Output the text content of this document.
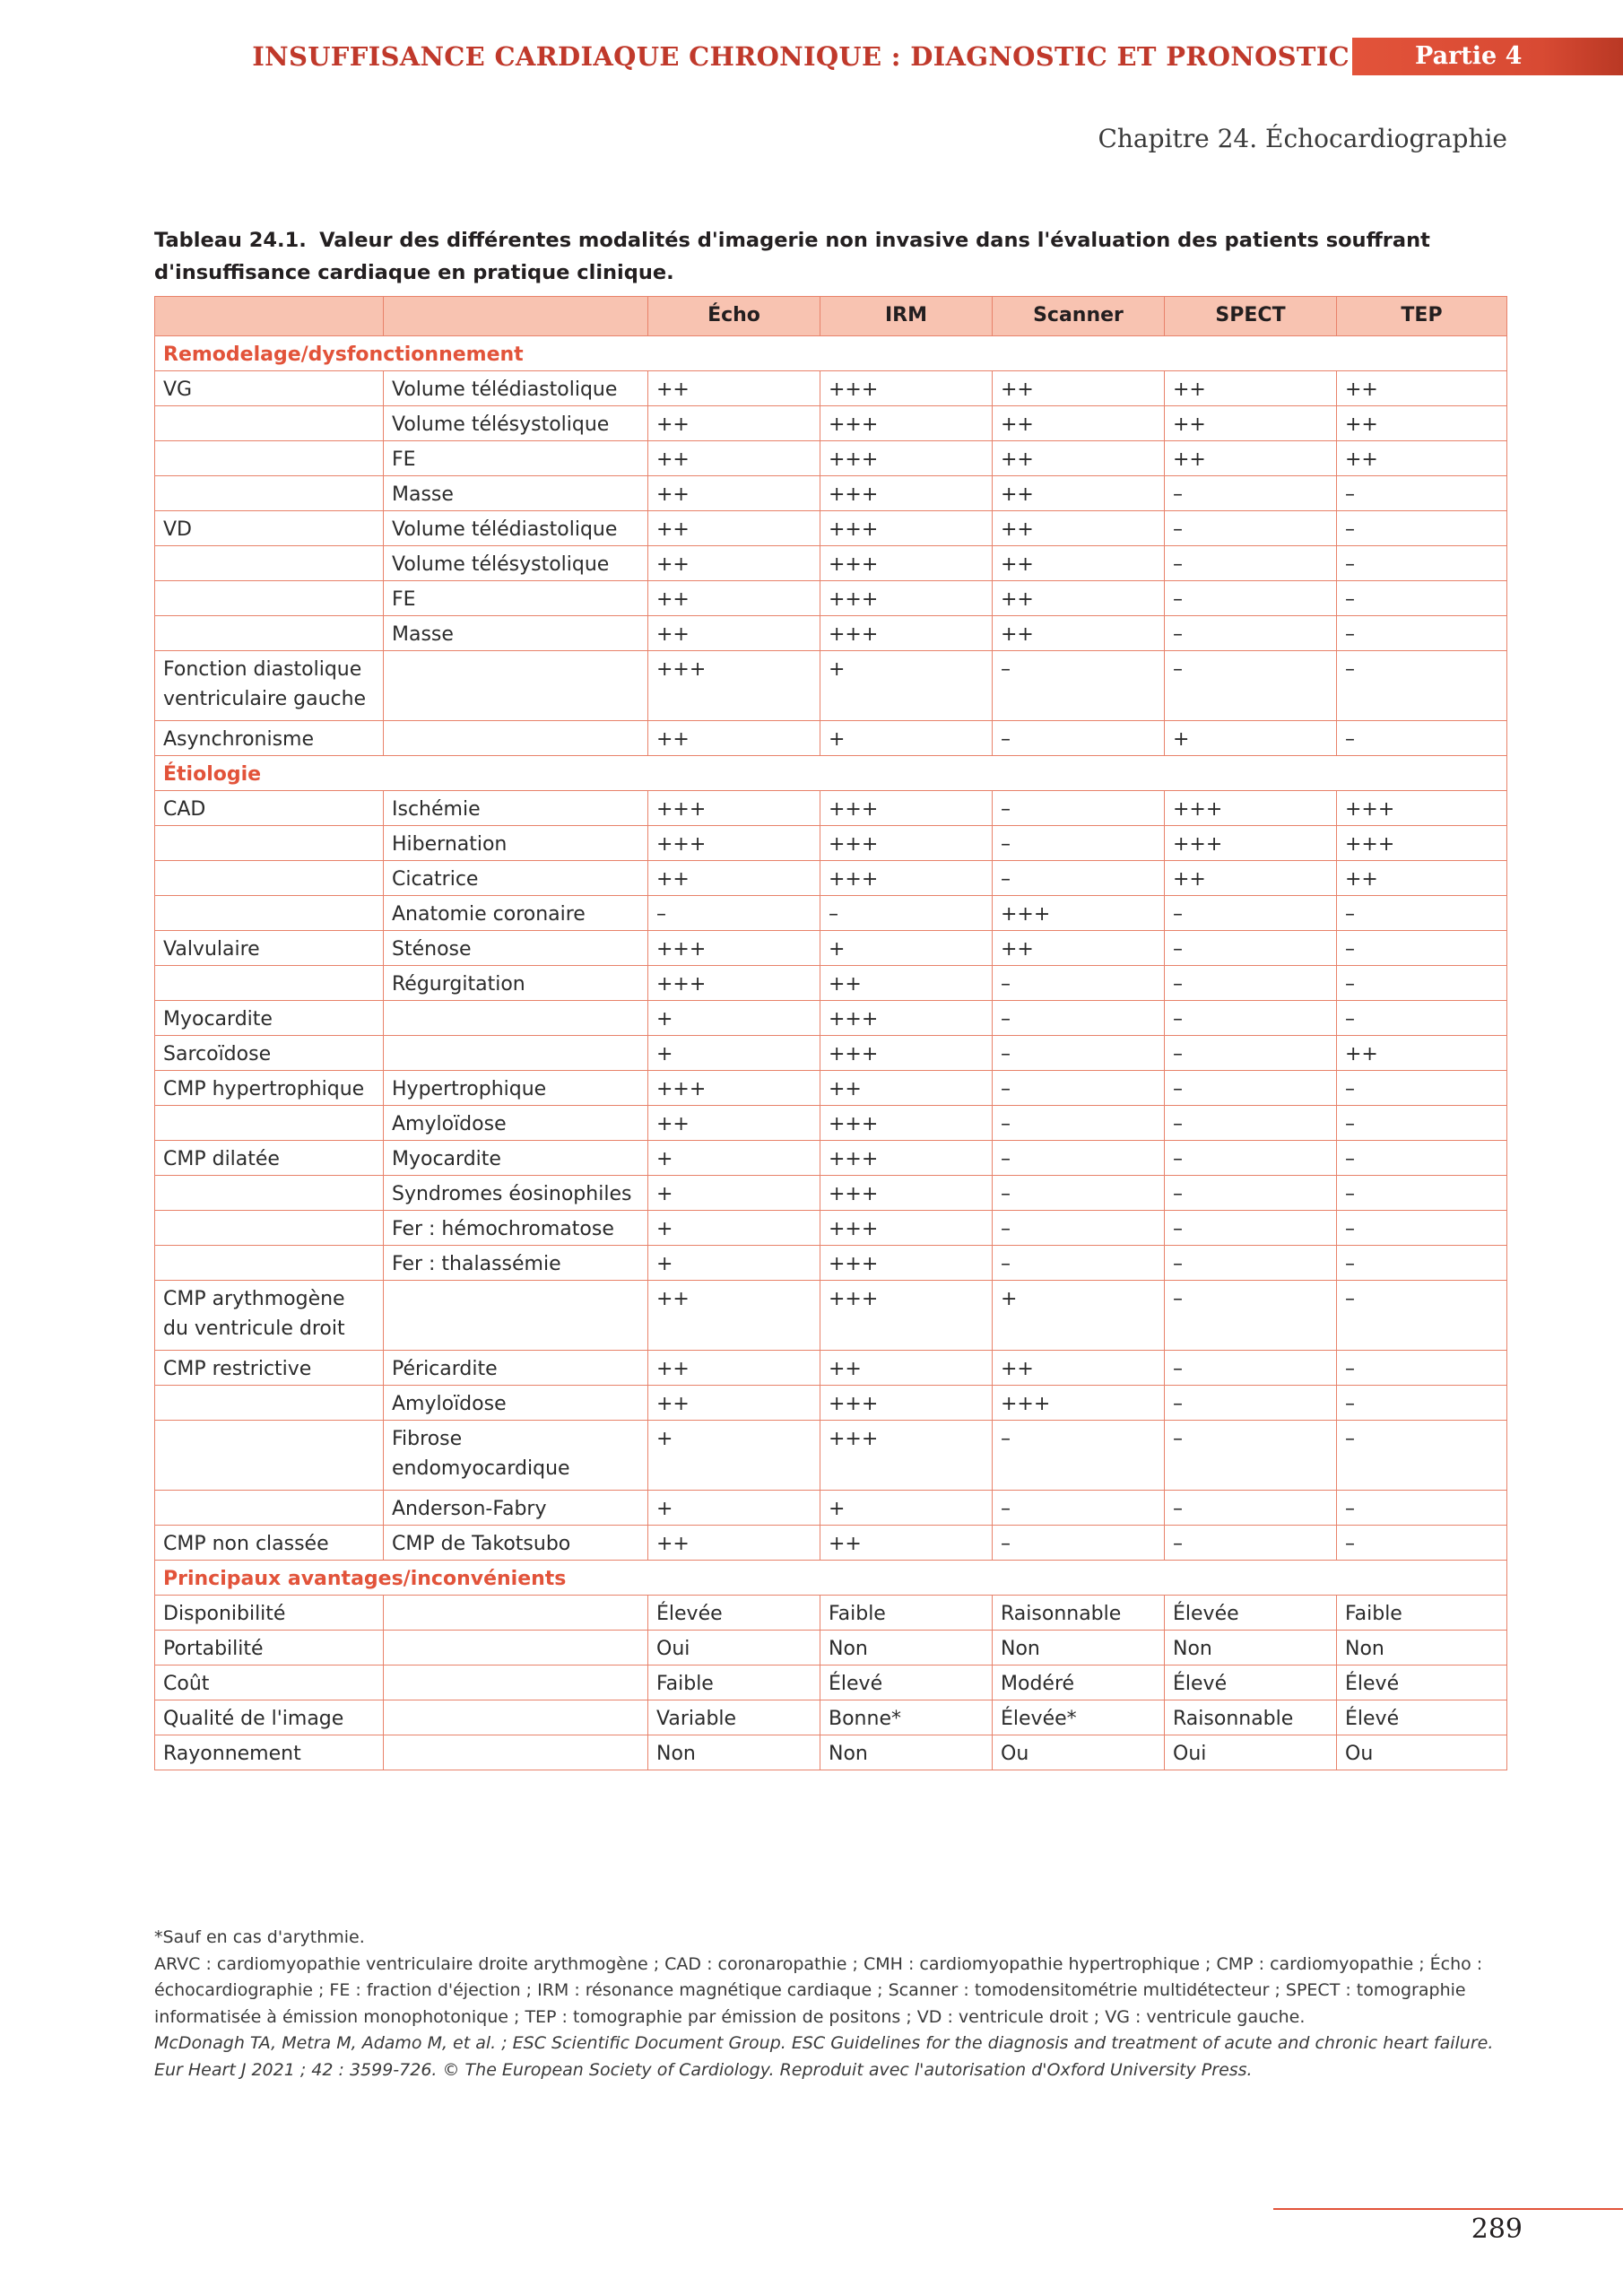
INSUFFISANCE CARDIAQUE CHRONIQUE : DIAGNOSTIC ET PRONOSTIC	Partie 4
Chapitre 24. Échocardiographie
Tableau 24.1. Valeur des différentes modalités d'imagerie non invasive dans l'évaluation des patients souffrant d'insuffisance cardiaque en pratique clinique.
		Écho	IRM	Scanner	SPECT	TEP
Remodelage/dysfonctionnement						
VG	Volume télédiastolique	++	+++	++	++	++
	Volume télésystolique	++	+++	++	++	++
	FE	++	+++	++	++	++
	Masse	++	+++	++	–	–
VD	Volume télédiastolique	++	+++	++	–	–
	Volume télésystolique	++	+++	++	–	–
	FE	++	+++	++	–	–
	Masse	++	+++	++	–	–
Fonction diastolique ventriculaire gauche		+++	+	–	–	–
Asynchronisme		++	+	–	+	–
Étiologie						
CAD	Ischémie	+++	+++	–	+++	+++
	Hibernation	+++	+++	–	+++	+++
	Cicatrice	++	+++	–	++	++
	Anatomie coronaire	–	–	+++	–	–
Valvulaire	Sténose	+++	+	++	–	–
	Régurgitation	+++	++	–	–	–
Myocardite		+	+++	–	–	–
Sarcoïdose		+	+++	–	–	++
CMP hypertrophique	Hypertrophique	+++	++	–	–	–
	Amyloïdose	++	+++	–	–	–
CMP dilatée	Myocardite	+	+++	–	–	–
	Syndromes éosinophiles	+	+++	–	–	–
	Fer : hémochromatose	+	+++	–	–	–
	Fer : thalassémie	+	+++	–	–	–
CMP arythmogène du ventricule droit		++	+++	+	–	–
CMP restrictive	Péricardite	++	++	++	–	–
	Amyloïdose	++	+++	+++	–	–
	Fibrose endomyocardique	+	+++	–	–	–
	Anderson-Fabry	+	+	–	–	–
CMP non classée	CMP de Takotsubo	++	++	–	–	–
Principaux avantages/inconvénients						
Disponibilité		Élevée	Faible	Raisonnable	Élevée	Faible
Portabilité		Oui	Non	Non	Non	Non
Coût		Faible	Élevé	Modéré	Élevé	Élevé
Qualité de l'image		Variable	Bonne*	Élevée*	Raisonnable	Élevé
Rayonnement		Non	Non	Ou	Oui	Ou
*Sauf en cas d'arythmie.
ARVC : cardiomyopathie ventriculaire droite arythmogène ; CAD : coronaropathie ; CMH : cardiomyopathie hypertrophique ; CMP : cardiomyopathie ; Écho : échocardiographie ; FE : fraction d'éjection ; IRM : résonance magnétique cardiaque ; Scanner : tomodensitométrie multidétecteur ; SPECT : tomographie informatisée à émission monophotonique ; TEP : tomographie par émission de positons ; VD : ventricule droit ; VG : ventricule gauche.
McDonagh TA, Metra M, Adamo M, et al. ; ESC Scientific Document Group. ESC Guidelines for the diagnosis and treatment of acute and chronic heart failure. Eur Heart J 2021 ; 42 : 3599-726. © The European Society of Cardiology. Reproduit avec l'autorisation d'Oxford University Press.
289
